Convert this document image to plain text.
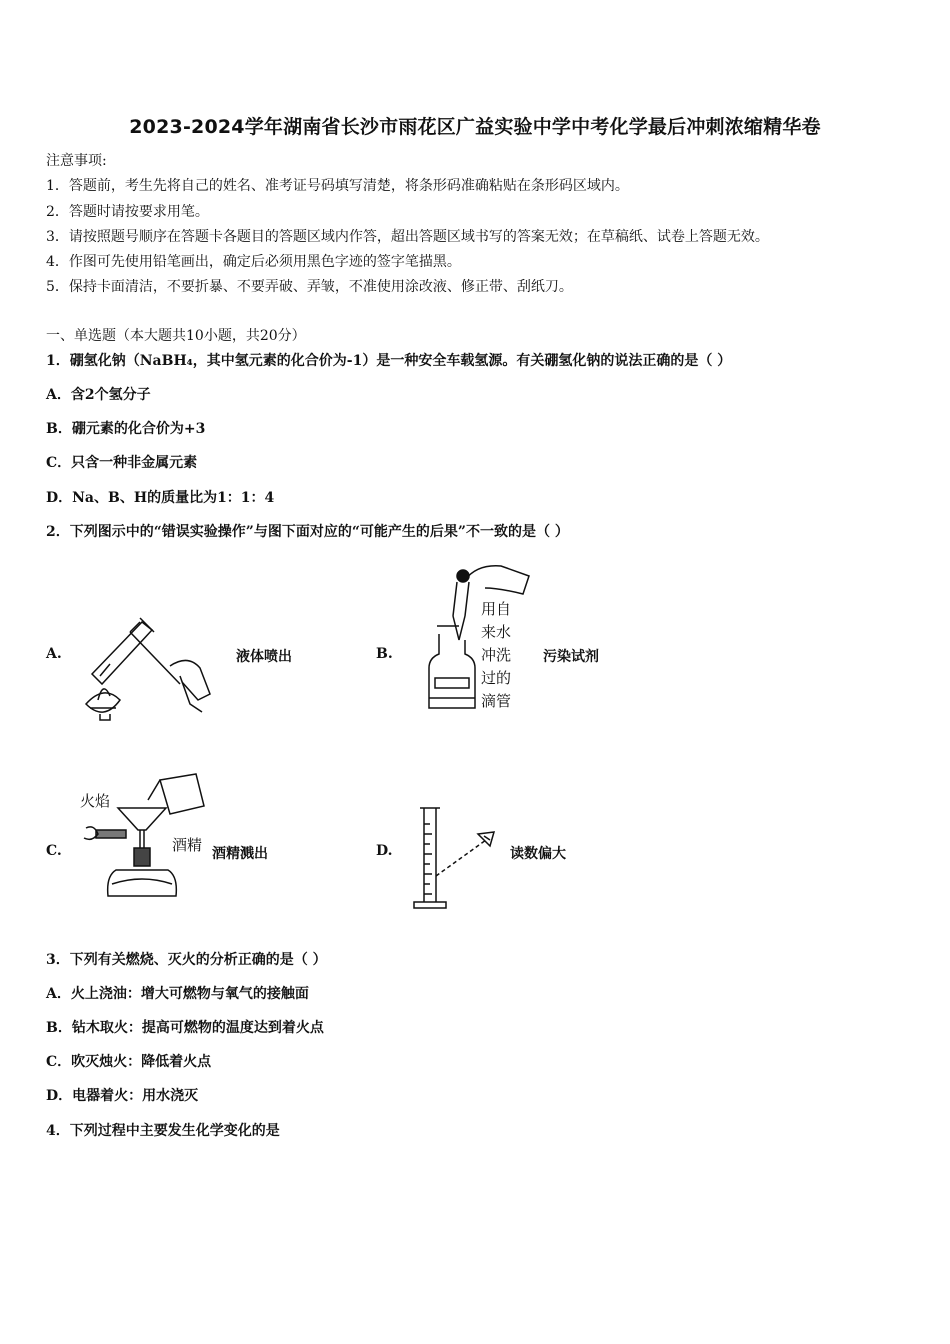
2023-2024学年湖南省长沙市雨花区广益实验中学中考化学最后冲刺浓缩精华卷
注意事项:
1．答题前，考生先将自己的姓名、准考证号码填写清楚，将条形码准确粘贴在条形码区域内。
2．答题时请按要求用笔。
3．请按照题号顺序在答题卡各题目的答题区域内作答，超出答题区域书写的答案无效；在草稿纸、试卷上答题无效。
4．作图可先使用铅笔画出，确定后必须用黑色字迹的签字笔描黑。
5．保持卡面清洁，不要折暴、不要弄破、弄皱，不准使用涂改液、修正带、刮纸刀。
一、单选题（本大题共10小题，共20分）
1．硼氢化钠（NaBH₄，其中氢元素的化合价为-1）是一种安全车载氢源。有关硼氢化钠的说法正确的是（ ）
A．含2个氢分子
B．硼元素的化合价为+3
C．只含一种非金属元素
D．Na、B、H的质量比为1：1：4
2．下列图示中的“错误实验操作”与图下面对应的“可能产生的后果”不一致的是（ ）
A.	液体喷出	B.
用自
来水
冲洗
过的
滴管
污染试剂
C.
火焰
酒精 酒精溅出	D.	读数偏大
3．下列有关燃烧、灭火的分析正确的是（ ）
A．火上浇油：增大可燃物与氧气的接触面
B．钻木取火：提高可燃物的温度达到着火点
C．吹灭烛火：降低着火点
D．电器着火：用水浇灭
4．下列过程中主要发生化学变化的是
